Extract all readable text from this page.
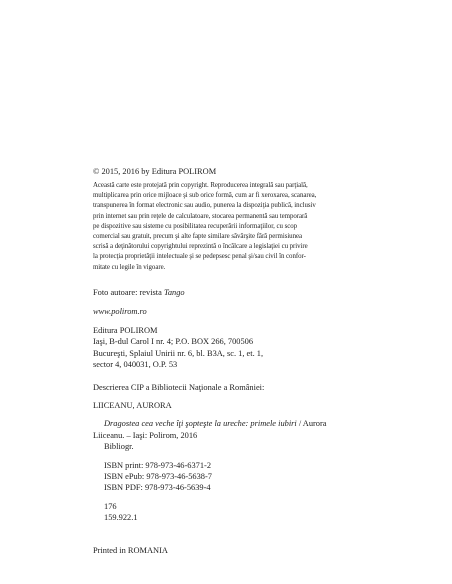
© 2015, 2016 by Editura POLIROM

Această carte este protejată prin copyright. Reproducerea integrală sau parţială,

multiplicarea prin orice mijloace şi sub orice formă, cum ar fi xeroxarea, scanarea,

transpunerea în format electronic sau audio, punerea la dispoziţia publică, inclusiv

prin internet sau prin reţele de calculatoare, stocarea permanentă sau temporară

pe dispozitive sau sisteme cu posibilitatea recuperării informaţiilor, cu scop

comercial sau gratuit, precum şi alte fapte similare săvârşite fără permisiunea

scrisă a deţinătorului copyrightului reprezintă o încălcare a legislaţiei cu privire

la protecţia proprietăţii intelectuale şi se pedepsesc penal şi/sau civil în confor-

mitate cu legile în vigoare.

Foto autoare: revista Tango

www.polirom.ro

Editura POLIROM

Iaşi, B-dul Carol I nr. 4; P.O. BOX 266, 700506

Bucureşti, Splaiul Unirii nr. 6, bl. B3A, sc. 1, et. 1,

sector 4, 040031, O.P. 53

Descrierea CIP a Bibliotecii Naţionale a României:

LIICEANU, AURORA

Dragostea cea veche îţi şopteşte la ureche: primele iubiri / Aurora

Liiceanu. – Iaşi: Polirom, 2016

Bibliogr.

ISBN print: 978-973-46-6371-2

ISBN ePub: 978-973-46-5638-7

ISBN PDF: 978-973-46-5639-4

176

159.922.1

Printed in ROMANIA
